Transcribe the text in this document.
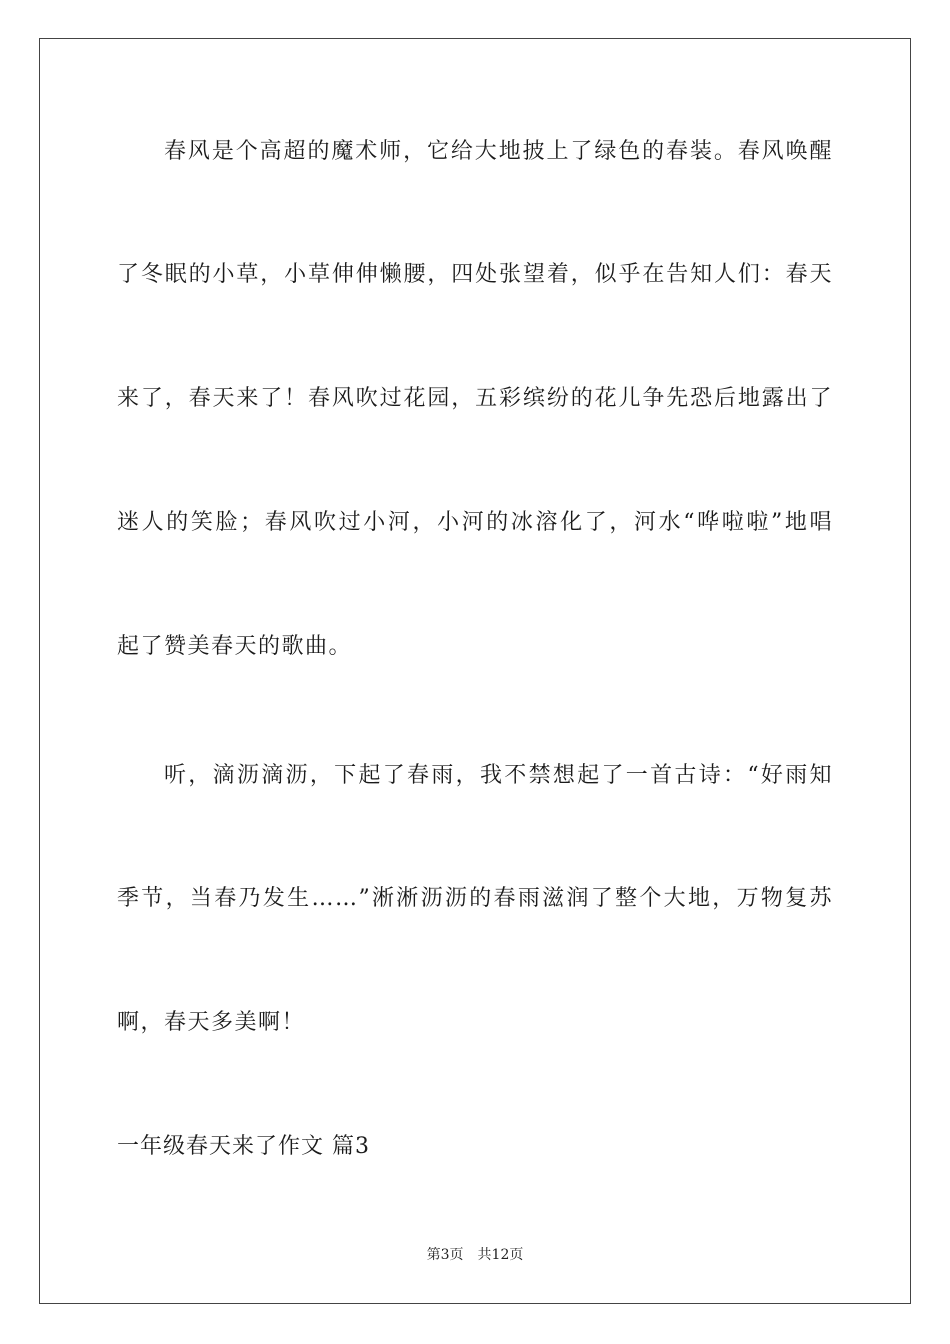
春风是个高超的魔术师，它给大地披上了绿色的春装。春风唤醒
了冬眠的小草，小草伸伸懒腰，四处张望着，似乎在告知人们：春天
来了，春天来了！春风吹过花园，五彩缤纷的花儿争先恐后地露出了
迷人的笑脸；春风吹过小河，小河的冰溶化了，河水“哗啦啦”地唱
起了赞美春天的歌曲。
听，滴沥滴沥，下起了春雨，我不禁想起了一首古诗：“好雨知
季节，当春乃发生……”淅淅沥沥的春雨滋润了整个大地，万物复苏
啊，春天多美啊！
一年级春天来了作文 篇3
第3页 共12页
